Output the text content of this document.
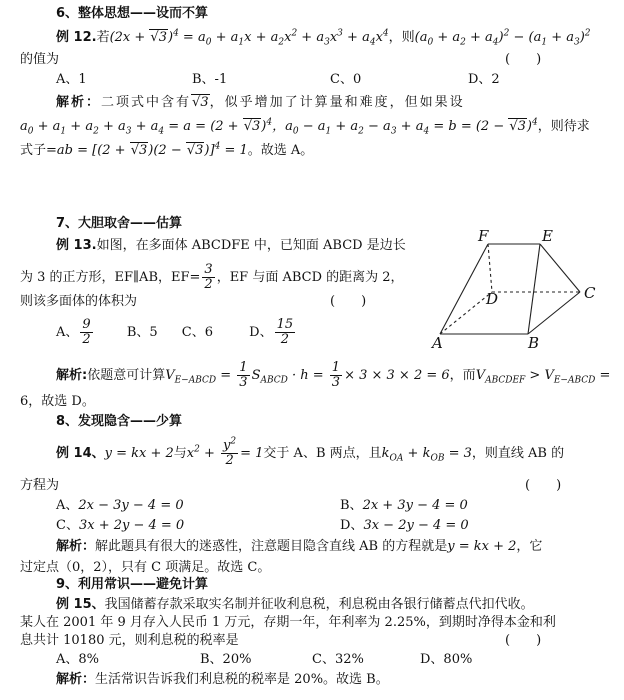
6、整体思想——设而不算
例 12.若$(2x + √3)^4 = a_0 + a_1x + a_2x^2 + a_3x^3 + a_4x^4$，则$(a_0 + a_2 + a_4)^2 - (a_1 + a_3)^2$
的值为	(　　)
A、1	B、-1	C、0	D、2
解析：二项式中含有√3，似乎增加了计算量和难度，但如果设
$a_0 + a_1 + a_2 + a_3 + a_4 = a = (2 + √3)^4$，$a_0 - a_1 + a_2 - a_3 + a_4 = b = (2 - √3)^4$，则待求
式子$=ab = [(2 + √3)(2 - √3)]^4 = 1$。故选 A。
7、大胆取舍——估算
例 13.如图，在多面体 ABCDFE 中，已知面 ABCD 是边长
为 3 的正方形，EF∥AB，$EF= \frac{3}{2}$ ，EF 与面 ABCD 的距离为 2，
则该多面体的体积为	(　　)
A、 $\frac{9}{2}$	B、5 C、6	D、 $\frac{15}{2}$
F	E
D	C
A	B
解析:依题意可计算$V_{E-ABCD} = \frac{1}{3} S_{ABCD} \cdot h = \frac{1}{3} \times 3 \times 3 \times 2 = 6$，而$V_{ABCDEF} > V_{E-ABCD}$ =
6，故选 D。
8、发现隐含——少算
例 14、y = kx + 2与$x^2 + \frac{y^2}{2} = 1$交于 A、B 两点，且$k_{OA} + k_{OB} = 3$，则直线 AB 的
方程为	(　　)
A、2x − 3y − 4 = 0	B、2x + 3y − 4 = 0
C、3x + 2y − 4 = 0	D、3x − 2y − 4 = 0
解析：解此题具有很大的迷惑性，注意题目隐含直线 AB 的方程就是y = kx + 2，它
过定点（0，2），只有 C 项满足。故选 C。
9、利用常识——避免计算
例 15、我国储蓄存款采取实名制并征收利息税，利息税由各银行储蓄点代扣代收。
某人在 2001 年 9 月存入人民币 1 万元，存期一年，年利率为 2.25%，到期时净得本金和利
息共计 10180 元，则利息税的税率是	(　　)
A、8%	B、20%	C、32%	D、80%
解析：生活常识告诉我们利息税的税率是 20%。故选 B。
